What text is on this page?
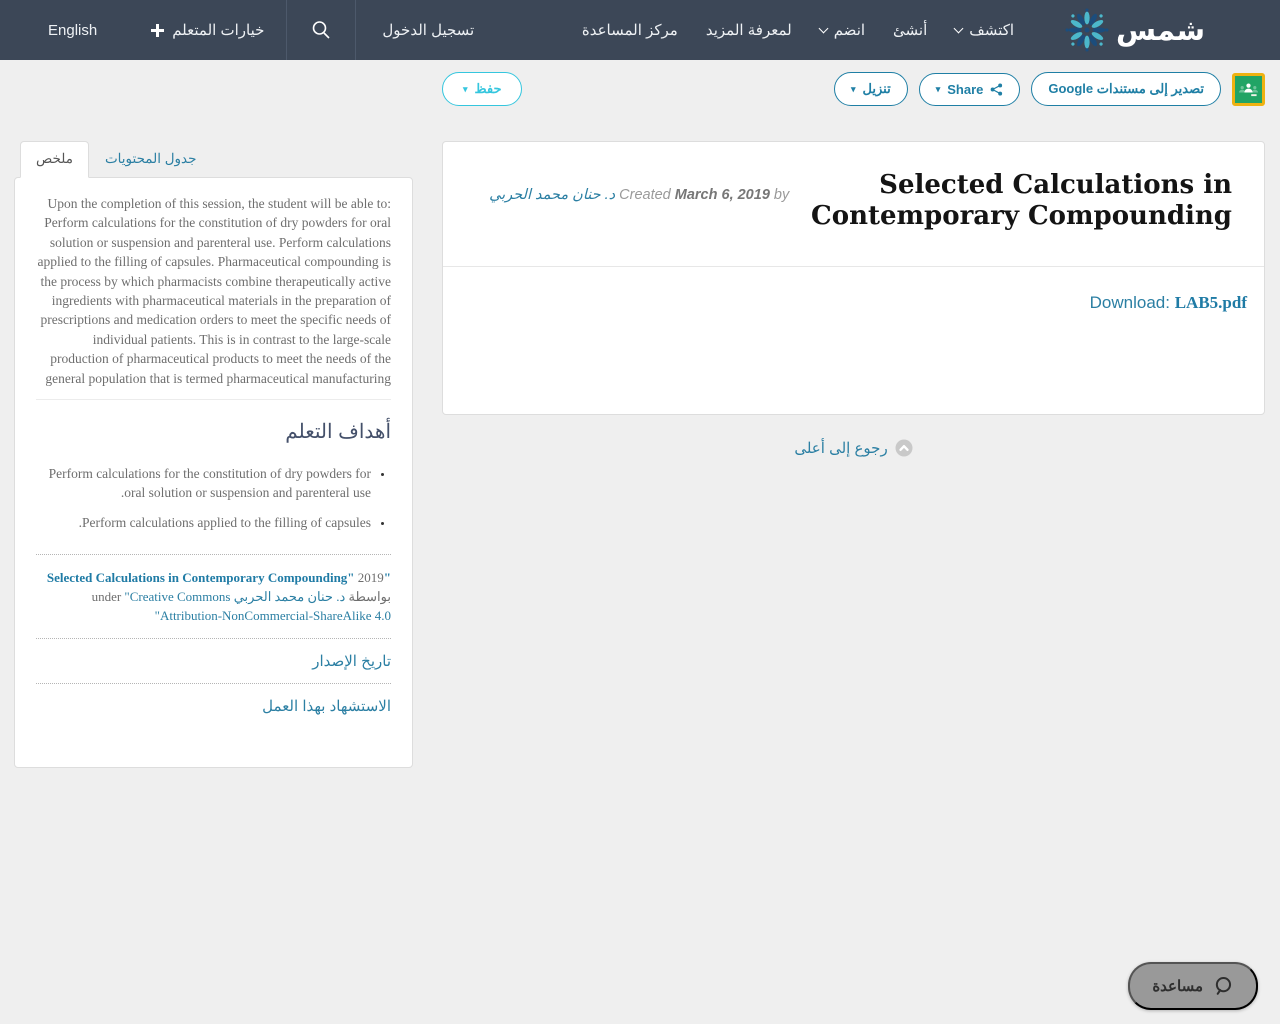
شمس
اكتشف
أنشئ
انضم
لمعرفة المزيد
مركز المساعدة
تسجيل الدخول
خيارات المتعلم
English
تصدير إلى مستندات Google
▾ Share
تنزيل
▾
حفظ
▾
Selected Calculations in Contemporary Compounding

Created March 6, 2019 by د. حنان محمد الحربي

Download: LAB5.pdf

رجوع إلى أعلى
ملخص	جدول المحتويات

Upon the completion of this session, the student will be able to: Perform calculations for the constitution of dry powders for oral solution or suspension and parenteral use. Perform calculations applied to the filling of capsules. Pharmaceutical compounding is the process by which pharmacists combine therapeutically active ingredients with pharmaceutical materials in the preparation of prescriptions and medication orders to meet the specific needs of individual patients. This is in contrast to the large-scale production of pharmaceutical products to meet the needs of the general population that is termed pharmaceutical manufacturing

أهداف التعلم
• Perform calculations for the constitution of dry powders for oral solution or suspension and parenteral use.
• Perform calculations applied to the filling of capsules.

"Selected Calculations in Contemporary Compounding" 2019 بواسطة د. حنان محمد الحربي under "Creative Commons Attribution-NonCommercial-ShareAlike 4.0"

تاريخ الإصدار
الاستشهاد بهذا العمل
مساعدة
